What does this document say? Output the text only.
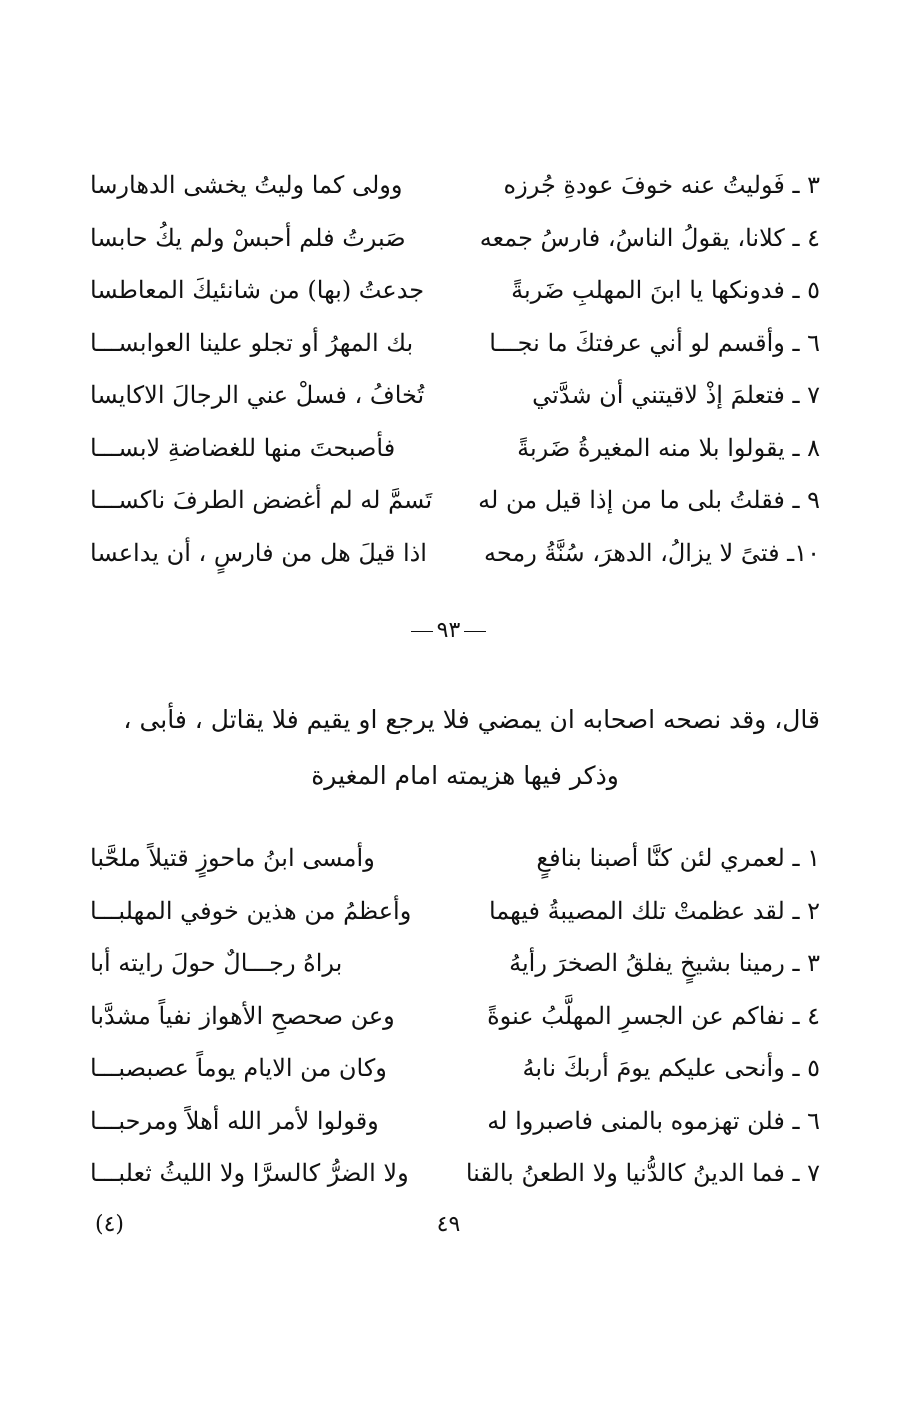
٣ ـ فَوليتُ عنه خوفَ عودةِ جُرزه
وولى كما وليتُ يخشى الدهارسا
٤ ـ كلانا، يقولُ الناسُ، فارسُ جمعه
صَبرتُ فلم أحبسْ ولم يكُ حابسا
٥ ـ فدونكها يا ابنَ المهلبِ ضَربةً
جدعتُ (بها) من شانئيكَ المعاطسا
٦ ـ وأقسم لو أني عرفتكَ ما نجـــا
بك المهرُ أو تجلو علينا العوابســـا
٧ ـ فتعلمَ إذْ لاقيتني أن شدَّتي
تُخافُ ، فسلْ عني الرجالَ الاكايسا
٨ ـ يقولوا بلا منه المغيرةُ ضَربةً
فأصبحتَ منها للغضاضةِ لابســـا
٩ ـ فقلتُ بلى ما من إذا قيل من له
تَسمَّ له لم أغضض الطرفَ ناكســـا
١٠ـ فتىً لا يزالُ، الدهرَ، سُنَّةُ رمحه
اذا قيلَ هل من فارسٍ ، أن يداعسا
٩٣
قال، وقد نصحه اصحابه ان يمضي فلا يرجع او يقيم فلا يقاتل ، فأبى ،
وذكر فيها هزيمته امام المغيرة
١ ـ لعمري لئن كنَّا أصبنا بنافعٍ
وأمسى ابنُ ماحوزٍ قتيلاً ملحَّبا
٢ ـ لقد عظمتْ تلك المصيبةُ فيهما
وأعظمُ من هذين خوفي المهلبـــا
٣ ـ رمينا بشيخٍ يفلقُ الصخرَ رأيهُ
براهُ رجـــالٌ حولَ رايته أبا
٤ ـ نفاكم عن الجسرِ المهلَّبُ عنوةً
وعن صحصحِ الأهواز نفياً مشدَّبا
٥ ـ وأنحى عليكم يومَ أربكَ نابهُ
وكان من الايام يوماً عصبصبـــا
٦ ـ فلن تهزموه بالمنى فاصبروا له
وقولوا لأمر الله أهلاً ومرحبـــا
٧ ـ فما الدينُ كالدُّنيا ولا الطعنُ بالقنا
ولا الضرُّ كالسرَّا ولا الليثُ ثعلبـــا
٤٩
(٤)
